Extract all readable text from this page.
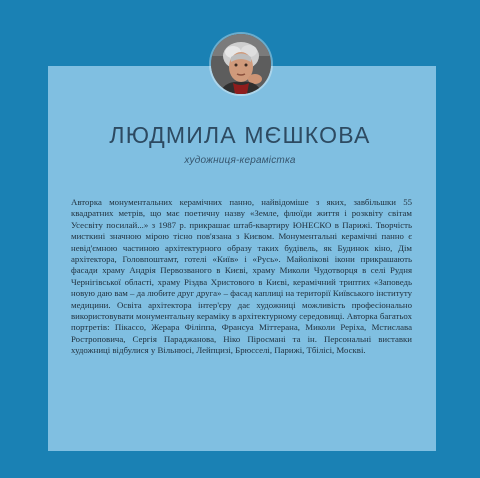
ЛЮДМИЛА МЄШКОВА
художниця-керамістка

Авторка монументальних керамічних панно, найвідоміше з яких, завбільшки 55 квадратних метрів, що має поетичну назву «Земле, флюїди життя і розквіту світам Усесвіту посилай...» з 1987 р. прикрашає штаб-квартиру ЮНЕСКО в Парижі. Творчість мисткині значною мірою тісно пов'язана з Києвом. Монументальні керамічні панно є невід'ємною частиною архітектурного образу таких будівель, як Будинок кіно, Дім архітектора, Головпоштамт, готелі «Київ» і «Русь». Майолікові ікони прикрашають фасади храму Андрія Первозваного в Києві, храму Миколи Чудотворця в селі Рудня Чернігівської області, храму Різдва Христового в Києві, керамічний триптих «Заповедь новую даю вам – да любите друг друга» – фасад каплиці на території Київського інституту медицини. Освіта архітектора інтер'єру дає художниці можливість професіонально використовувати монументальну кераміку в архітектурному середовищі. Авторка багатьох портретів: Пікассо, Жерара Філіппа, Франсуа Міттерана, Миколи Реріха, Мстислава Ростроповича, Сергія Параджанова, Ніко Піросмані та ін. Персональні виставки художниці відбулися у Вільнюсі, Лейпцизі, Брюсселі, Парижі, Тбілісі, Москві.
